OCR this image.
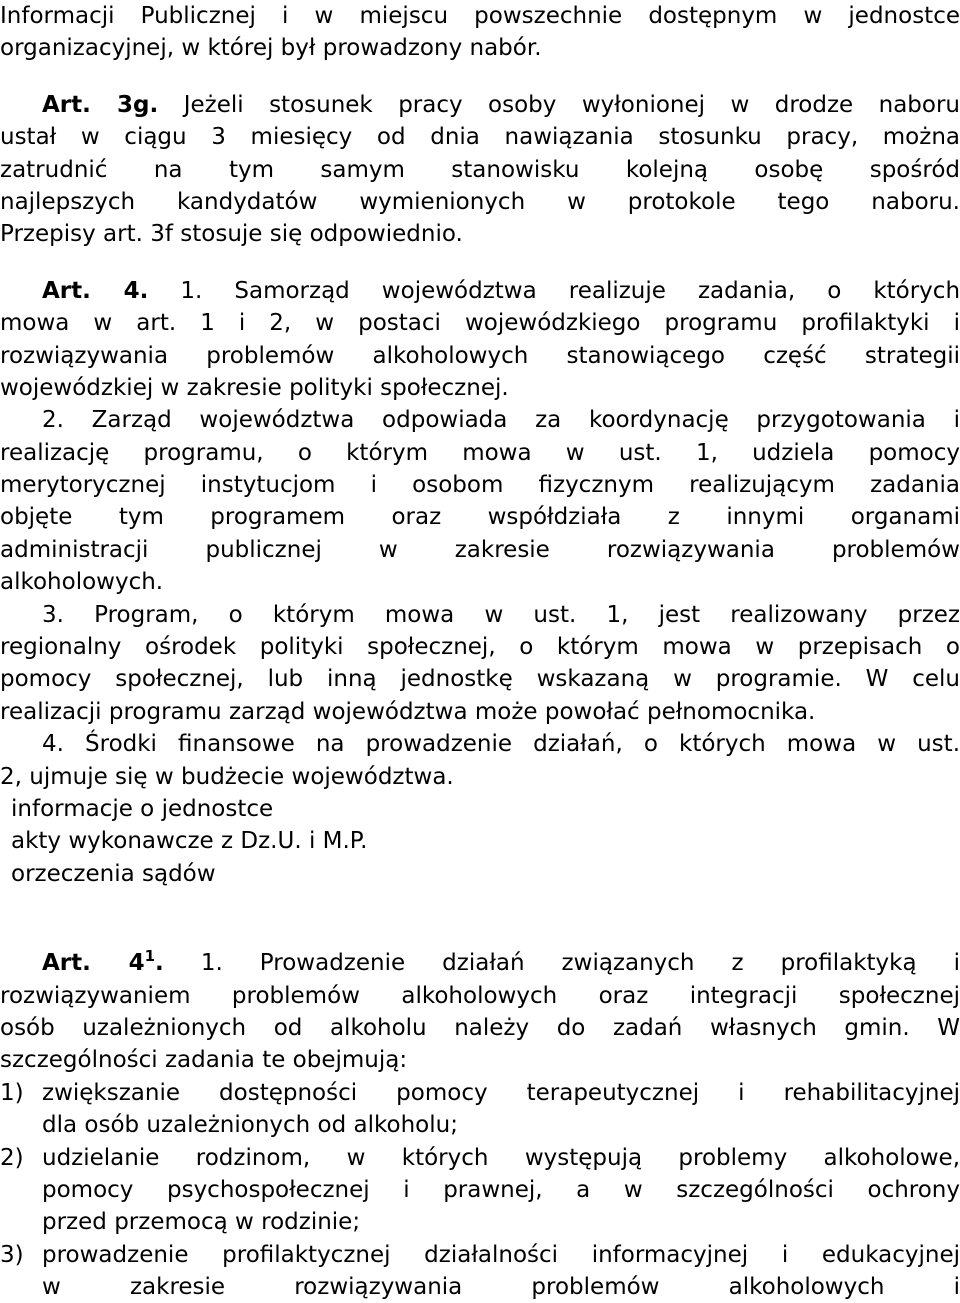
Informacji Publicznej i w miejscu powszechnie dostępnym w jednostce
organizacyjnej, w której był prowadzony nabór.
Art. 3g. Jeżeli stosunek pracy osoby wyłonionej w drodze naboru
ustał w ciągu 3 miesięcy od dnia nawiązania stosunku pracy, można
zatrudnić na tym samym stanowisku kolejną osobę spośród
najlepszych kandydatów wymienionych w protokole tego naboru.
Przepisy art. 3f stosuje się odpowiednio.
Art. 4. 1. Samorząd województwa realizuje zadania, o których
mowa w art. 1 i 2, w postaci wojewódzkiego programu profilaktyki i
rozwiązywania problemów alkoholowych stanowiącego część strategii
wojewódzkiej w zakresie polityki społecznej.
2. Zarząd województwa odpowiada za koordynację przygotowania i
realizację programu, o którym mowa w ust. 1, udziela pomocy
merytorycznej instytucjom i osobom fizycznym realizującym zadania
objęte tym programem oraz współdziała z innymi organami
administracji publicznej w zakresie rozwiązywania problemów
alkoholowych.
3. Program, o którym mowa w ust. 1, jest realizowany przez
regionalny ośrodek polityki społecznej, o którym mowa w przepisach o
pomocy społecznej, lub inną jednostkę wskazaną w programie. W celu
realizacji programu zarząd województwa może powołać pełnomocnika.
4. Środki finansowe na prowadzenie działań, o których mowa w ust.
2, ujmuje się w budżecie województwa.
informacje o jednostce
akty wykonawcze z Dz.U. i M.P.
orzeczenia sądów
Art. $4^1$. 1. Prowadzenie działań związanych z profilaktyką i
rozwiązywaniem problemów alkoholowych oraz integracji społecznej
osób uzależnionych od alkoholu należy do zadań własnych gmin. W
szczególności zadania te obejmują:
1) zwiększanie dostępności pomocy terapeutycznej i rehabilitacyjnej
dla osób uzależnionych od alkoholu;
2) udzielanie rodzinom, w których występują problemy alkoholowe,
pomocy psychospołecznej i prawnej, a w szczególności ochrony
przed przemocą w rodzinie;
3) prowadzenie profilaktycznej działalności informacyjnej i edukacyjnej
w zakresie rozwiązywania problemów alkoholowych i
